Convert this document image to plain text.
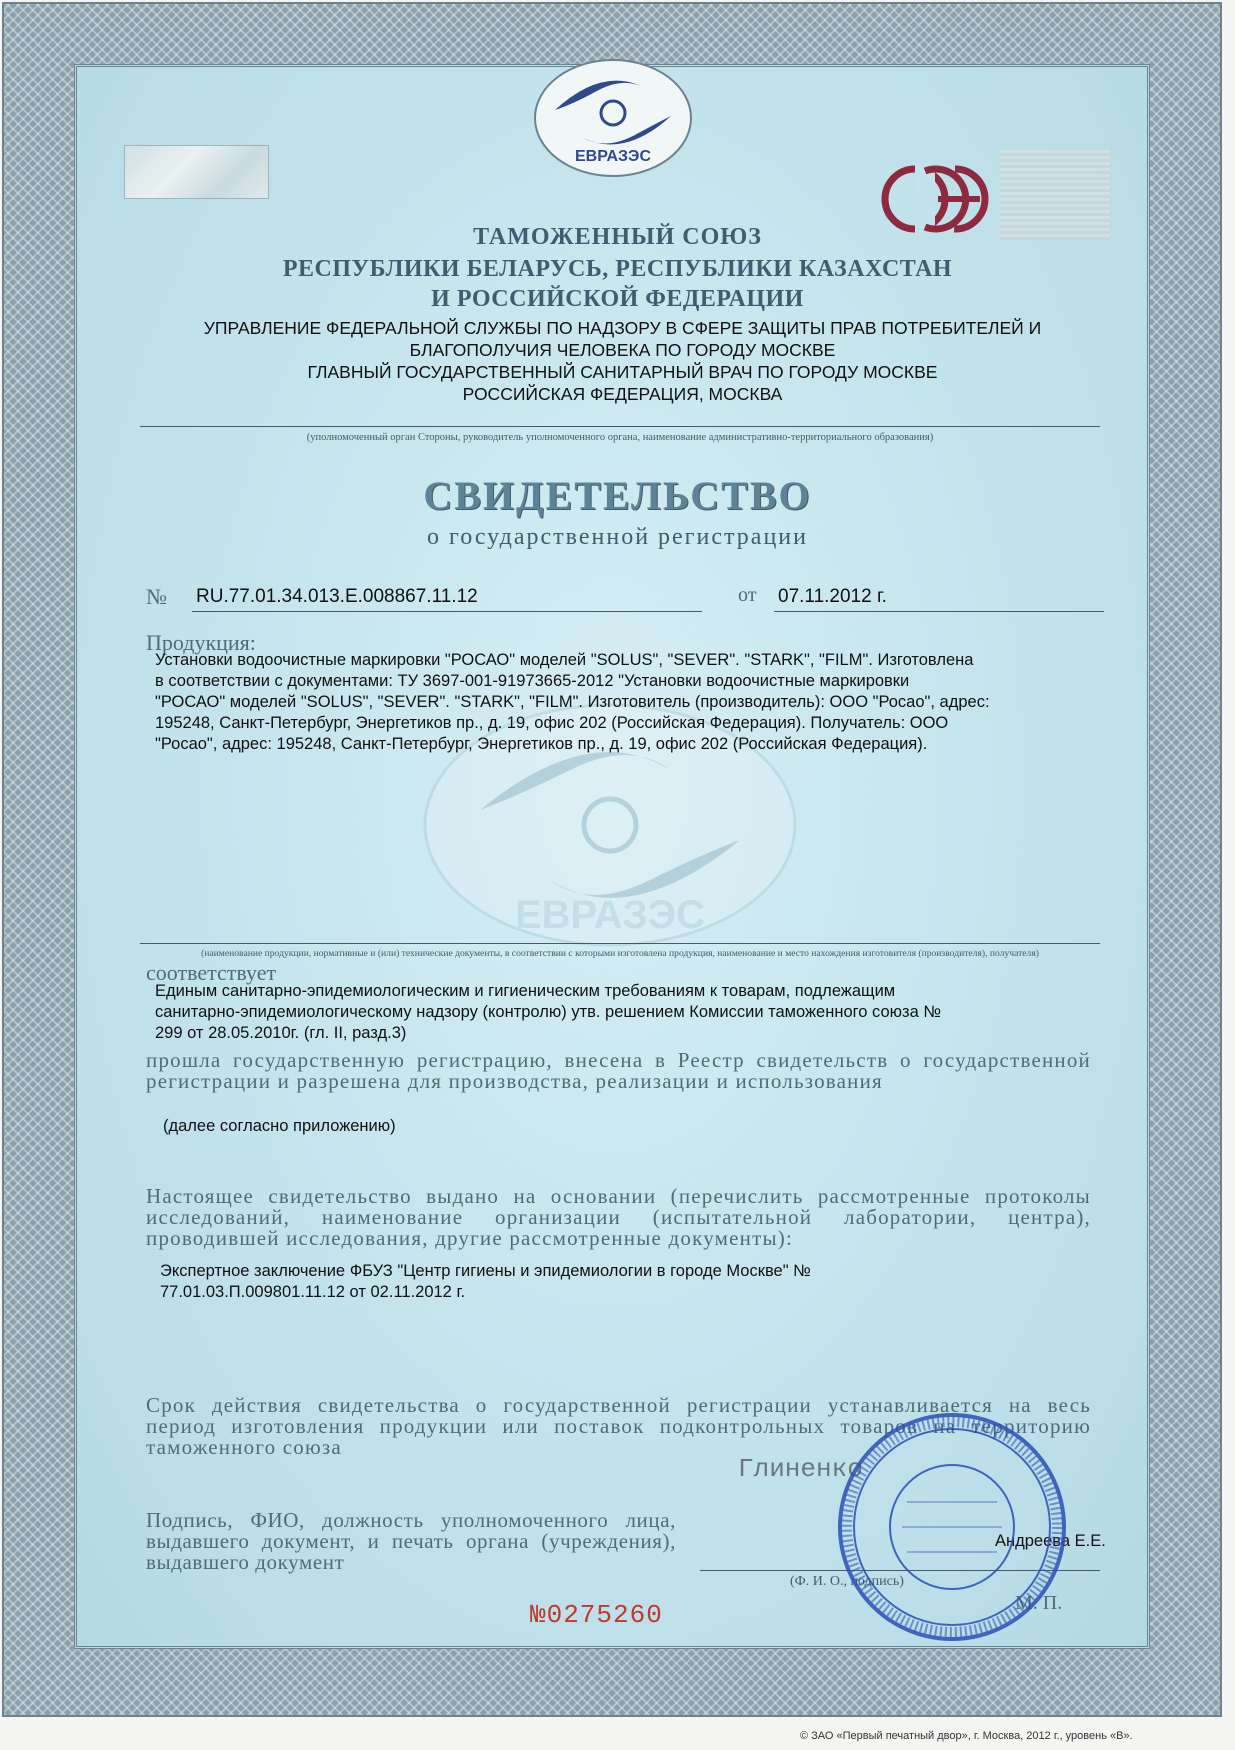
ЕВРАЗЭС
ЕВРАЗЭС

ТАМОЖЕННЫЙ СОЮЗ

РЕСПУБЛИКИ БЕЛАРУСЬ, РЕСПУБЛИКИ КАЗАХСТАН

И РОССИЙСКОЙ ФЕДЕРАЦИИ

УПРАВЛЕНИЕ ФЕДЕРАЛЬНОЙ СЛУЖБЫ ПО НАДЗОРУ В СФЕРЕ ЗАЩИТЫ ПРАВ ПОТРЕБИТЕЛЕЙ И

БЛАГОПОЛУЧИЯ ЧЕЛОВЕКА ПО ГОРОДУ МОСКВЕ

ГЛАВНЫЙ ГОСУДАРСТВЕННЫЙ САНИТАРНЫЙ ВРАЧ ПО ГОРОДУ МОСКВЕ

РОССИЙСКАЯ ФЕДЕРАЦИЯ, МОСКВА

(уполномоченный орган Стороны, руководитель уполномоченного органа, наименование административно-территориального образования)

СВИДЕТЕЛЬСТВО

о государственной регистрации

№ RU.77.01.34.013.E.008867.11.12	от 07.11.2012 г.

Продукция:

Установки водоочистные маркировки "РОСАО" моделей "SOLUS", "SEVER". "STARK", "FILM". Изготовлена

в соответствии с документами: ТУ 3697-001-91973665-2012 "Установки водоочистные маркировки

"РОСАО" моделей "SOLUS", "SEVER". "STARK", "FILM". Изготовитель (производитель): ООО "Росао", адрес:

195248, Санкт-Петербург, Энергетиков пр., д. 19, офис 202 (Российская Федерация). Получатель: ООО

"Росао", адрес: 195248, Санкт-Петербург, Энергетиков пр., д. 19, офис 202 (Российская Федерация).

(наименование продукции, нормативные и (или) технические документы, в соответствии с которыми изготовлена продукция, наименование и место нахождения изготовителя (производителя), получателя)

соответствует

Единым санитарно-эпидемиологическим и гигиеническим требованиям к товарам, подлежащим

санитарно-эпидемиологическому надзору (контролю) утв. решением Комиссии таможенного союза №

299 от 28.05.2010г. (гл. II, разд.3)

прошла государственную регистрацию, внесена в Реестр свидетельств о государственной регистрации и разрешена для производства, реализации и использования

(далее согласно приложению)

Настоящее свидетельство выдано на основании (перечислить рассмотренные протоколы исследований, наименование организации (испытательной лаборатории, центра), проводившей исследования, другие рассмотренные документы):

Экспертное заключение ФБУЗ "Центр гигиены и эпидемиологии в городе Москве" №

77.01.03.П.009801.11.12 от 02.11.2012 г.

Срок действия свидетельства о государственной регистрации устанавливается на весь период изготовления продукции или поставок подконтрольных товаров на территорию таможенного союза

Подпись, ФИО, должность уполномоченного лица, выдавшего документ, и печать органа (учреждения), выдавшего документ

Глиненко

Андреева Е.Е.

(Ф. И. О., подпись)

М. П.

№0275260

© ЗАО «Первый печатный двор», г. Москва, 2012 г., уровень «В».
